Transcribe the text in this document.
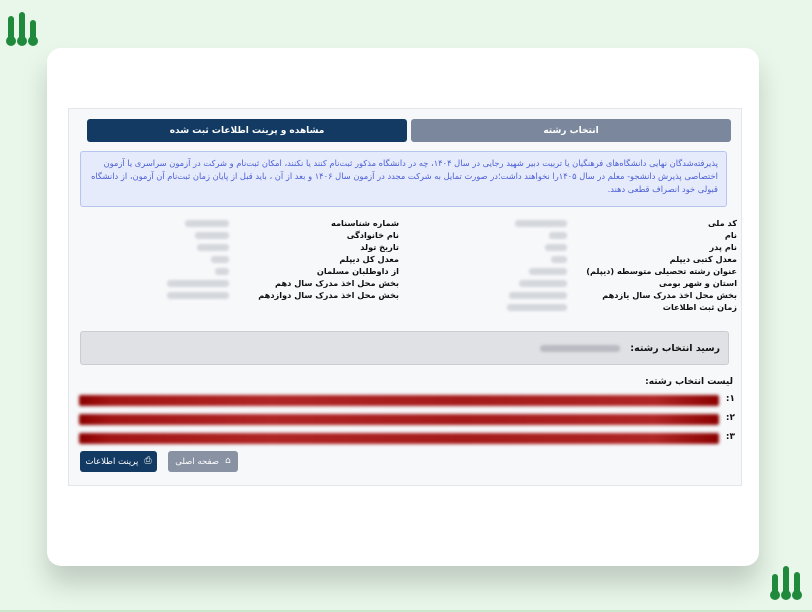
مشاهده و پرینت اطلاعات ثبت شده	انتخاب رشته
پذیرفته‌شدگان نهایی دانشگاه‌های فرهنگیان یا تربیت دبیر شهید رجایی در سال ۱۴۰۴، چه در دانشگاه مذکور ثبت‌نام کنند یا نکنند، امکان ثبت‌نام و شرکت در آزمون سراسری یا آزمون اختصاصی پذیرش دانشجو- معلم در سال ۱۴۰۵را نخواهند داشت؛در صورت تمایل به شرکت مجدد در آزمون سال ۱۴۰۶ و بعد از آن ، باید قبل از پایان زمان ثبت‌نام آن آزمون، از دانشگاه قبولی خود انصراف قطعی دهند.
کد ملی
نام
نام پدر
معدل کتبی دیپلم
عنوان رشته تحصیلی متوسطه (دیپلم)
استان و شهر بومی
بخش محل اخذ مدرک سال یازدهم
زمان ثبت اطلاعات
شماره شناسنامه
نام خانوادگی
تاریخ تولد
معدل کل دیپلم
از داوطلبان مسلمان
بخش محل اخذ مدرک سال دهم
بخش محل اخذ مدرک سال دوازدهم
رسید انتخاب رشته:
لیست انتخاب رشته:
۱:
۲:
۳:
پرینت اطلاعات ⎙	صفحه اصلی ⌂
